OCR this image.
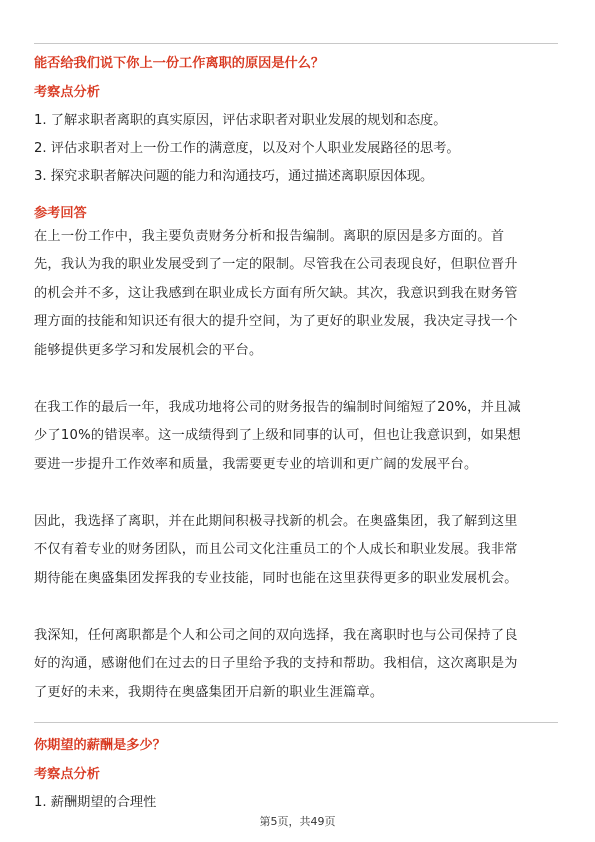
能否给我们说下你上一份工作离职的原因是什么？
考察点分析
1. 了解求职者离职的真实原因，评估求职者对职业发展的规划和态度。
2. 评估求职者对上一份工作的满意度，以及对个人职业发展路径的思考。
3. 探究求职者解决问题的能力和沟通技巧，通过描述离职原因体现。
参考回答
在上一份工作中，我主要负责财务分析和报告编制。离职的原因是多方面的。首
先，我认为我的职业发展受到了一定的限制。尽管我在公司表现良好，但职位晋升
的机会并不多，这让我感到在职业成长方面有所欠缺。其次，我意识到我在财务管
理方面的技能和知识还有很大的提升空间，为了更好的职业发展，我决定寻找一个
能够提供更多学习和发展机会的平台。
在我工作的最后一年，我成功地将公司的财务报告的编制时间缩短了20%，并且减
少了10%的错误率。这一成绩得到了上级和同事的认可，但也让我意识到，如果想
要进一步提升工作效率和质量，我需要更专业的培训和更广阔的发展平台。
因此，我选择了离职，并在此期间积极寻找新的机会。在奥盛集团，我了解到这里
不仅有着专业的财务团队，而且公司文化注重员工的个人成长和职业发展。我非常
期待能在奥盛集团发挥我的专业技能，同时也能在这里获得更多的职业发展机会。
我深知，任何离职都是个人和公司之间的双向选择，我在离职时也与公司保持了良
好的沟通，感谢他们在过去的日子里给予我的支持和帮助。我相信，这次离职是为
了更好的未来，我期待在奥盛集团开启新的职业生涯篇章。
你期望的薪酬是多少？
考察点分析
1. 薪酬期望的合理性
第5页，共49页
